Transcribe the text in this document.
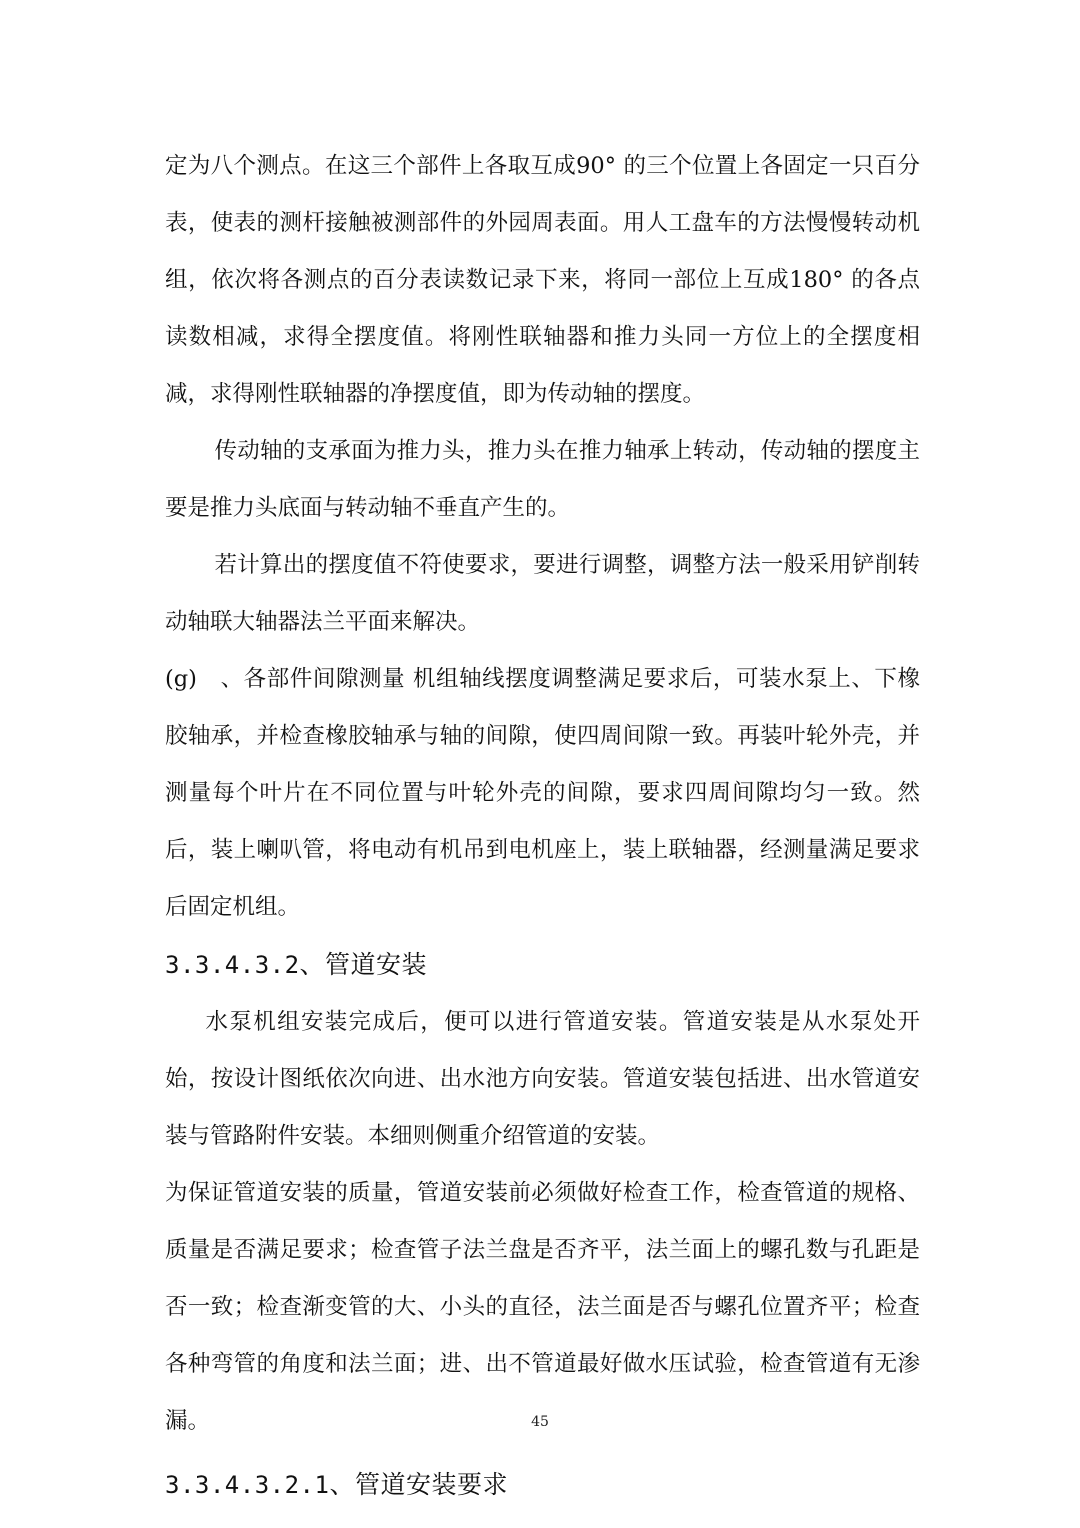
定为八个测点。在这三个部件上各取互成90° 的三个位置上各固定一只百分表，使表的测杆接触被测部件的外园周表面。用人工盘车的方法慢慢转动机组，依次将各测点的百分表读数记录下来，将同一部位上互成180° 的各点读数相减，求得全摆度值。将刚性联轴器和推力头同一方位上的全摆度相减，求得刚性联轴器的净摆度值，即为传动轴的摆度。

传动轴的支承面为推力头，推力头在推力轴承上转动，传动轴的摆度主要是推力头底面与转动轴不垂直产生的。

若计算出的摆度值不符使要求，要进行调整，调整方法一般采用铲削转动轴联大轴器法兰平面来解决。

(g)　、各部件间隙测量 机组轴线摆度调整满足要求后，可装水泵上、下橡胶轴承，并检查橡胶轴承与轴的间隙，使四周间隙一致。再装叶轮外壳，并测量每个叶片在不同位置与叶轮外壳的间隙，要求四周间隙均匀一致。然后，装上喇叭管，将电动有机吊到电机座上，装上联轴器，经测量满足要求后固定机组。

3.3.4.3.2、管道安装

水泵机组安装完成后，便可以进行管道安装。管道安装是从水泵处开始，按设计图纸依次向进、出水池方向安装。管道安装包括进、出水管道安装与管路附件安装。本细则侧重介绍管道的安装。

为保证管道安装的质量，管道安装前必须做好检查工作，检查管道的规格、质量是否满足要求；检查管子法兰盘是否齐平，法兰面上的螺孔数与孔距是否一致；检查渐变管的大、小头的直径，法兰面是否与螺孔位置齐平；检查各种弯管的角度和法兰面；进、出不管道最好做水压试验，检查管道有无渗漏。

3.3.4.3.2.1、管道安装要求

45
